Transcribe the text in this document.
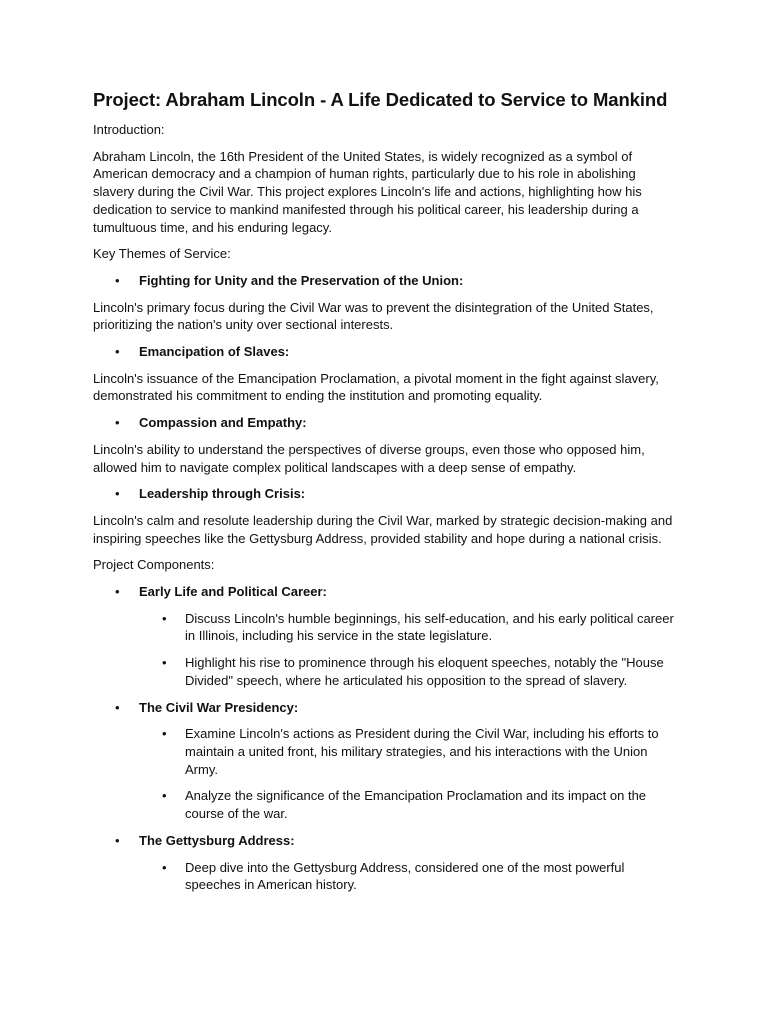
Project: Abraham Lincoln - A Life Dedicated to Service to Mankind

Introduction:

Abraham Lincoln, the 16th President of the United States, is widely recognized as a symbol of American democracy and a champion of human rights, particularly due to his role in abolishing slavery during the Civil War. This project explores Lincoln's life and actions, highlighting how his dedication to service to mankind manifested through his political career, his leadership during a tumultuous time, and his enduring legacy.

Key Themes of Service:

• Fighting for Unity and the Preservation of the Union:

Lincoln's primary focus during the Civil War was to prevent the disintegration of the United States, prioritizing the nation's unity over sectional interests.

• Emancipation of Slaves:

Lincoln's issuance of the Emancipation Proclamation, a pivotal moment in the fight against slavery, demonstrated his commitment to ending the institution and promoting equality.

• Compassion and Empathy:

Lincoln's ability to understand the perspectives of diverse groups, even those who opposed him, allowed him to navigate complex political landscapes with a deep sense of empathy.

• Leadership through Crisis:

Lincoln's calm and resolute leadership during the Civil War, marked by strategic decision-making and inspiring speeches like the Gettysburg Address, provided stability and hope during a national crisis.

Project Components:

• Early Life and Political Career:
• Discuss Lincoln's humble beginnings, his self-education, and his early political career in Illinois, including his service in the state legislature.
• Highlight his rise to prominence through his eloquent speeches, notably the "House Divided" speech, where he articulated his opposition to the spread of slavery.
• The Civil War Presidency:
• Examine Lincoln's actions as President during the Civil War, including his efforts to maintain a united front, his military strategies, and his interactions with the Union Army.
• Analyze the significance of the Emancipation Proclamation and its impact on the course of the war.
• The Gettysburg Address:
• Deep dive into the Gettysburg Address, considered one of the most powerful speeches in American history.
